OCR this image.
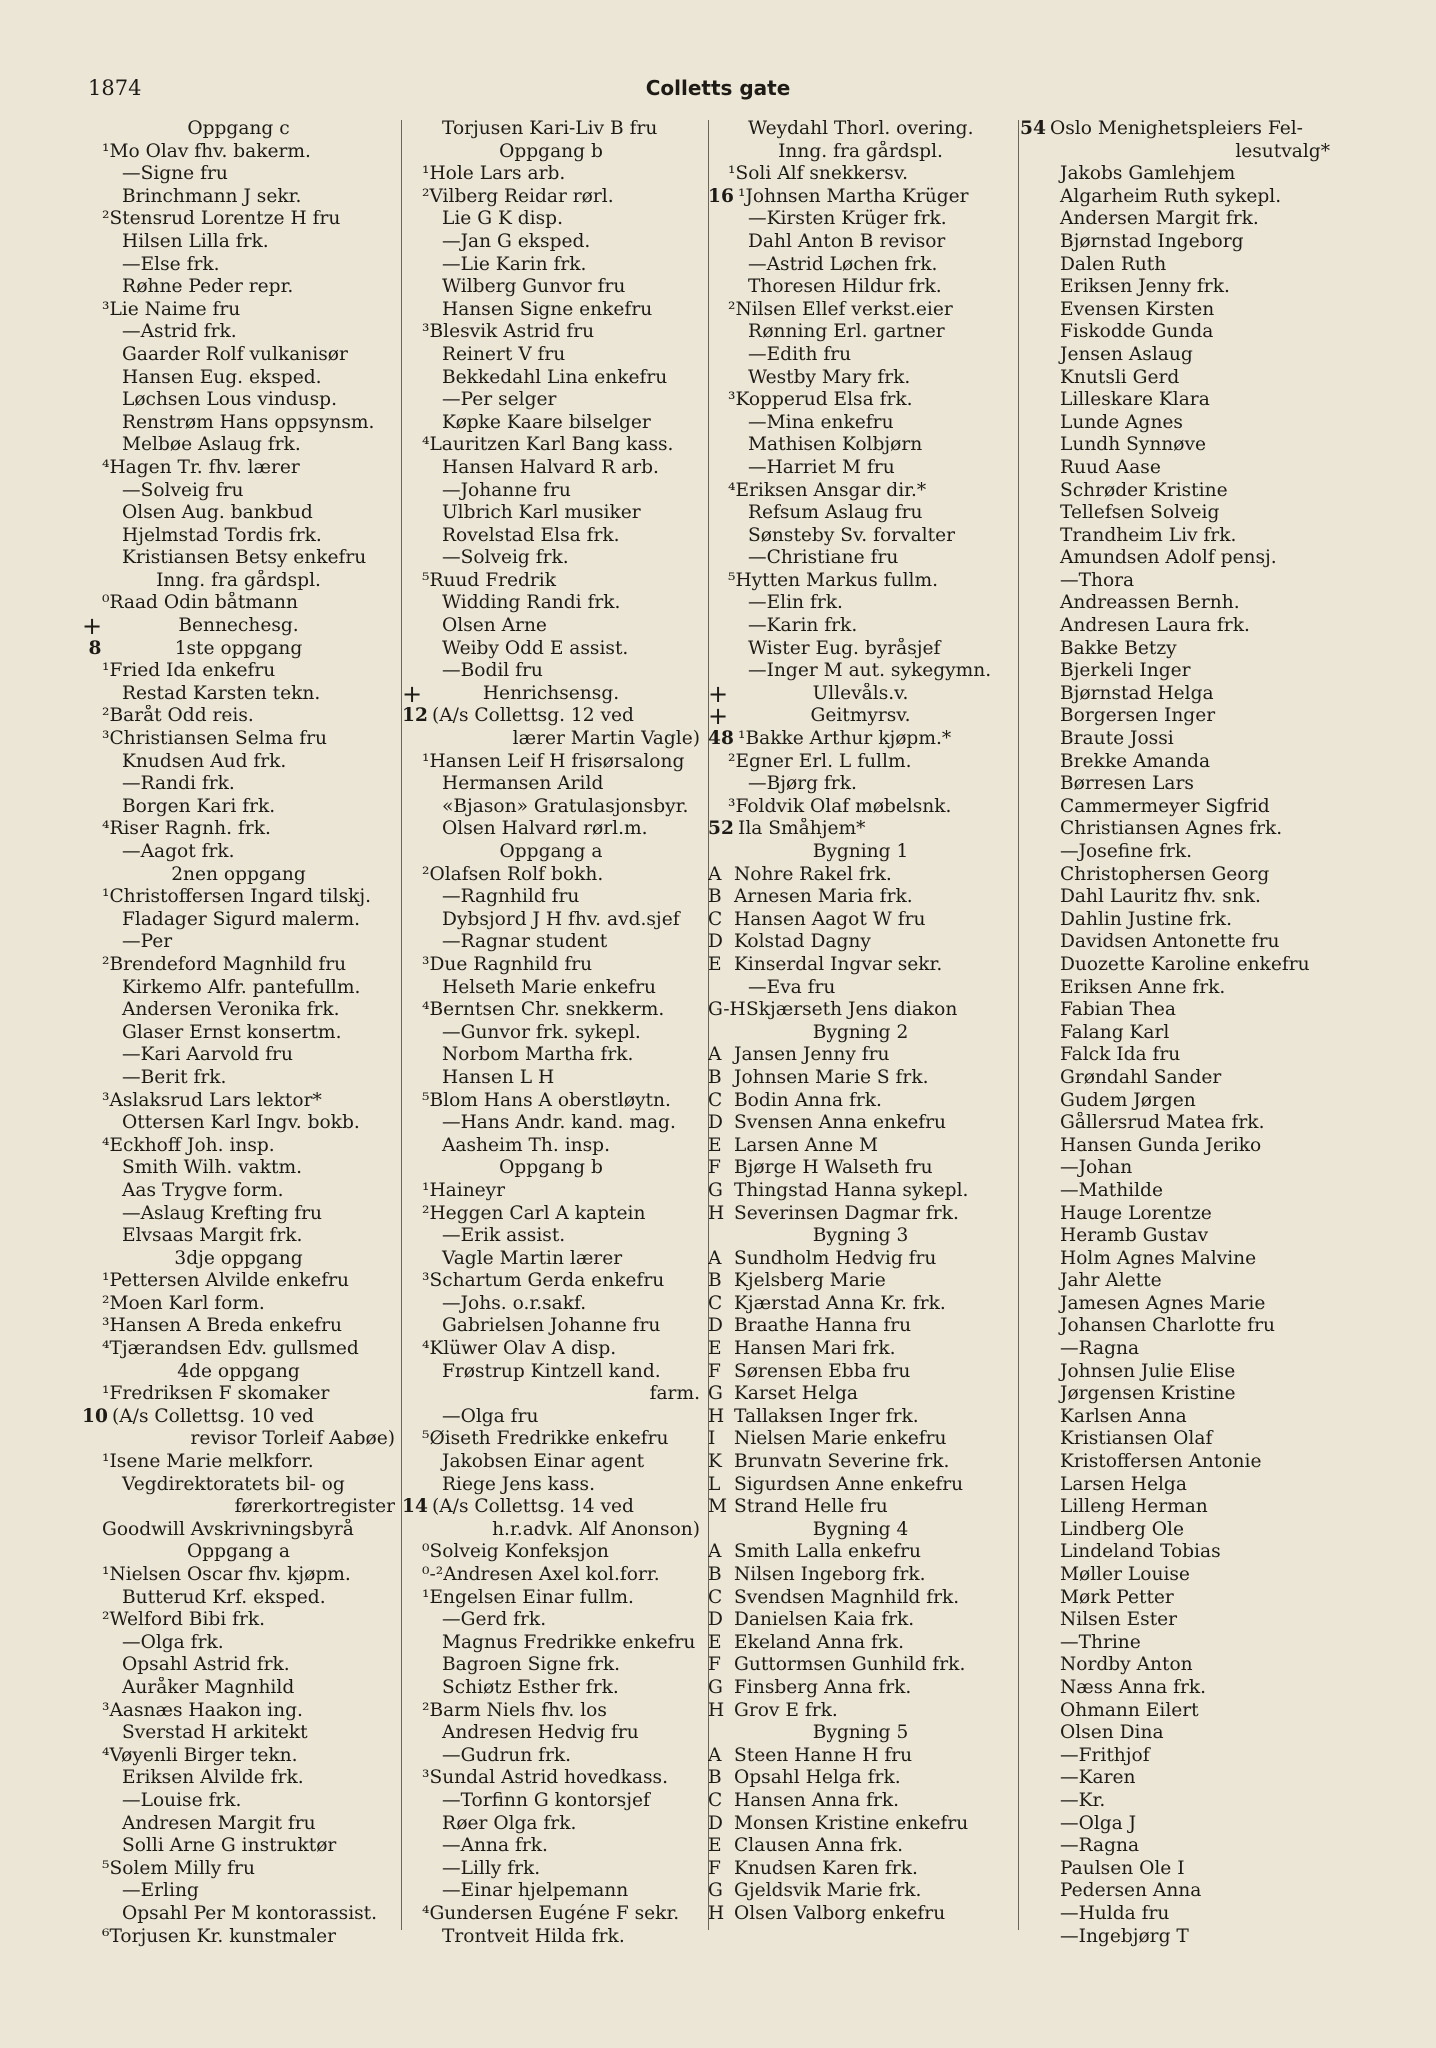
1874	Colletts gate
Oppgang c
¹Mo Olav fhv. bakerm.
—Signe fru
Brinchmann J sekr.
²Stensrud Lorentze H fru
Hilsen Lilla frk.
—Else frk.
Røhne Peder repr.
³Lie Naime fru
—Astrid frk.
Gaarder Rolf vulkanisør
Hansen Eug. eksped.
Løchsen Lous vindusp.
Renstrøm Hans oppsynsm.
Melbøe Aslaug frk.
⁴Hagen Tr. fhv. lærer
—Solveig fru
Olsen Aug. bankbud
Hjelmstad Tordis frk.
Kristiansen Betsy enkefru
Inng. fra gårdspl.
⁰Raad Odin båtmann
+	Bennechesg.
8	1ste oppgang
¹Fried Ida enkefru
Restad Karsten tekn.
²Baråt Odd reis.
³Christiansen Selma fru
Knudsen Aud frk.
—Randi frk.
Borgen Kari frk.
⁴Riser Ragnh. frk.
—Aagot frk.
2nen oppgang
¹Christoffersen Ingard tilskj.
Fladager Sigurd malerm.
—Per
²Brendeford Magnhild fru
Kirkemo Alfr. pantefullm.
Andersen Veronika frk.
Glaser Ernst konsertm.
—Kari Aarvold fru
—Berit frk.
³Aslaksrud Lars lektor*
Ottersen Karl Ingv. bokb.
⁴Eckhoff Joh. insp.
Smith Wilh. vaktm.
Aas Trygve form.
—Aslaug Krefting fru
Elvsaas Margit frk.
3dje oppgang
¹Pettersen Alvilde enkefru
²Moen Karl form.
³Hansen A Breda enkefru
⁴Tjærandsen Edv. gullsmed
4de oppgang
¹Fredriksen F skomaker
10 (A/s Collettsg. 10 ved
revisor Torleif Aabøe)
¹Isene Marie melkforr.
Vegdirektoratets bil- og
førerkortregister
Goodwill Avskrivningsbyrå
Oppgang a
¹Nielsen Oscar fhv. kjøpm.
Butterud Krf. eksped.
²Welford Bibi frk.
—Olga frk.
Opsahl Astrid frk.
Auråker Magnhild
³Aasnæs Haakon ing.
Sverstad H arkitekt
⁴Vøyenli Birger tekn.
Eriksen Alvilde frk.
—Louise frk.
Andresen Margit fru
Solli Arne G instruktør
⁵Solem Milly fru
—Erling
Opsahl Per M kontorassist.
⁶Torjusen Kr. kunstmaler
Torjusen Kari-Liv B fru
Oppgang b
¹Hole Lars arb.
²Vilberg Reidar rørl.
Lie G K disp.
—Jan G eksped.
—Lie Karin frk.
Wilberg Gunvor fru
Hansen Signe enkefru
³Blesvik Astrid fru
Reinert V fru
Bekkedahl Lina enkefru
—Per selger
Køpke Kaare bilselger
⁴Lauritzen Karl Bang kass.
Hansen Halvard R arb.
—Johanne fru
Ulbrich Karl musiker
Rovelstad Elsa frk.
—Solveig frk.
⁵Ruud Fredrik
Widding Randi frk.
Olsen Arne
Weiby Odd E assist.
—Bodil fru
+	Henrichsensg.
12 (A/s Collettsg. 12 ved
lærer Martin Vagle)
¹Hansen Leif H frisørsalong
Hermansen Arild
«Bjason» Gratulasjonsbyr.
Olsen Halvard rørl.m.
Oppgang a
²Olafsen Rolf bokh.
—Ragnhild fru
Dybsjord J H fhv. avd.sjef
—Ragnar student
³Due Ragnhild fru
Helseth Marie enkefru
⁴Berntsen Chr. snekkerm.
—Gunvor frk. sykepl.
Norbom Martha frk.
Hansen L H
⁵Blom Hans A oberstløytn.
—Hans Andr. kand. mag.
Aasheim Th. insp.
Oppgang b
¹Haineyr
²Heggen Carl A kaptein
—Erik assist.
Vagle Martin lærer
³Schartum Gerda enkefru
—Johs. o.r.sakf.
Gabrielsen Johanne fru
⁴Klüwer Olav A disp.
Frøstrup Kintzell kand.
farm.
—Olga fru
⁵Øiseth Fredrikke enkefru
Jakobsen Einar agent
Riege Jens kass.
14 (A/s Collettsg. 14 ved
h.r.advk. Alf Anonson)
⁰Solveig Konfeksjon
⁰-²Andresen Axel kol.forr.
¹Engelsen Einar fullm.
—Gerd frk.
Magnus Fredrikke enkefru
Bagroen Signe frk.
Schiøtz Esther frk.
²Barm Niels fhv. los
Andresen Hedvig fru
—Gudrun frk.
³Sundal Astrid hovedkass.
—Torfinn G kontorsjef
Røer Olga frk.
—Anna frk.
—Lilly frk.
—Einar hjelpemann
⁴Gundersen Eugéne F sekr.
Trontveit Hilda frk.
Weydahl Thorl. overing.
Inng. fra gårdspl.
¹Soli Alf snekkersv.
16 ¹Johnsen Martha Krüger
—Kirsten Krüger frk.
Dahl Anton B revisor
—Astrid Løchen frk.
Thoresen Hildur frk.
²Nilsen Ellef verkst.eier
Rønning Erl. gartner
—Edith fru
Westby Mary frk.
³Kopperud Elsa frk.
—Mina enkefru
Mathisen Kolbjørn
—Harriet M fru
⁴Eriksen Ansgar dir.*
Refsum Aslaug fru
Sønsteby Sv. forvalter
—Christiane fru
⁵Hytten Markus fullm.
—Elin frk.
—Karin frk.
Wister Eug. byråsjef
—Inger M aut. sykegymn.
+	Ullevåls.v.
+	Geitmyrsv.
48 ¹Bakke Arthur kjøpm.*
²Egner Erl. L fullm.
—Bjørg frk.
³Foldvik Olaf møbelsnk.
52 Ila Småhjem*
Bygning 1
A Nohre Rakel frk.
B Arnesen Maria frk.
C Hansen Aagot W fru
D Kolstad Dagny
E Kinserdal Ingvar sekr.
—Eva fru
G-HSkjærseth Jens diakon
Bygning 2
A Jansen Jenny fru
B Johnsen Marie S frk.
C Bodin Anna frk.
D Svensen Anna enkefru
E Larsen Anne M
F Bjørge H Walseth fru
G Thingstad Hanna sykepl.
H Severinsen Dagmar frk.
Bygning 3
A Sundholm Hedvig fru
B Kjelsberg Marie
C Kjærstad Anna Kr. frk.
D Braathe Hanna fru
E Hansen Mari frk.
F Sørensen Ebba fru
G Karset Helga
H Tallaksen Inger frk.
I Nielsen Marie enkefru
K Brunvatn Severine frk.
L Sigurdsen Anne enkefru
M Strand Helle fru
Bygning 4
A Smith Lalla enkefru
B Nilsen Ingeborg frk.
C Svendsen Magnhild frk.
D Danielsen Kaia frk.
E Ekeland Anna frk.
F Guttormsen Gunhild frk.
G Finsberg Anna frk.
H Grov E frk.
Bygning 5
A Steen Hanne H fru
B Opsahl Helga frk.
C Hansen Anna frk.
D Monsen Kristine enkefru
E Clausen Anna frk.
F Knudsen Karen frk.
G Gjeldsvik Marie frk.
H Olsen Valborg enkefru
54 Oslo Menighetspleiers Fel-
lesutvalg*
Jakobs Gamlehjem
Algarheim Ruth sykepl.
Andersen Margit frk.
Bjørnstad Ingeborg
Dalen Ruth
Eriksen Jenny frk.
Evensen Kirsten
Fiskodde Gunda
Jensen Aslaug
Knutsli Gerd
Lilleskare Klara
Lunde Agnes
Lundh Synnøve
Ruud Aase
Schrøder Kristine
Tellefsen Solveig
Trandheim Liv frk.
Amundsen Adolf pensj.
—Thora
Andreassen Bernh.
Andresen Laura frk.
Bakke Betzy
Bjerkeli Inger
Bjørnstad Helga
Borgersen Inger
Braute Jossi
Brekke Amanda
Børresen Lars
Cammermeyer Sigfrid
Christiansen Agnes frk.
—Josefine frk.
Christophersen Georg
Dahl Lauritz fhv. snk.
Dahlin Justine frk.
Davidsen Antonette fru
Duozette Karoline enkefru
Eriksen Anne frk.
Fabian Thea
Falang Karl
Falck Ida fru
Grøndahl Sander
Gudem Jørgen
Gållersrud Matea frk.
Hansen Gunda Jeriko
—Johan
—Mathilde
Hauge Lorentze
Heramb Gustav
Holm Agnes Malvine
Jahr Alette
Jamesen Agnes Marie
Johansen Charlotte fru
—Ragna
Johnsen Julie Elise
Jørgensen Kristine
Karlsen Anna
Kristiansen Olaf
Kristoffersen Antonie
Larsen Helga
Lilleng Herman
Lindberg Ole
Lindeland Tobias
Møller Louise
Mørk Petter
Nilsen Ester
—Thrine
Nordby Anton
Næss Anna frk.
Ohmann Eilert
Olsen Dina
—Frithjof
—Karen
—Kr.
—Olga J
—Ragna
Paulsen Ole I
Pedersen Anna
—Hulda fru
—Ingebjørg T
